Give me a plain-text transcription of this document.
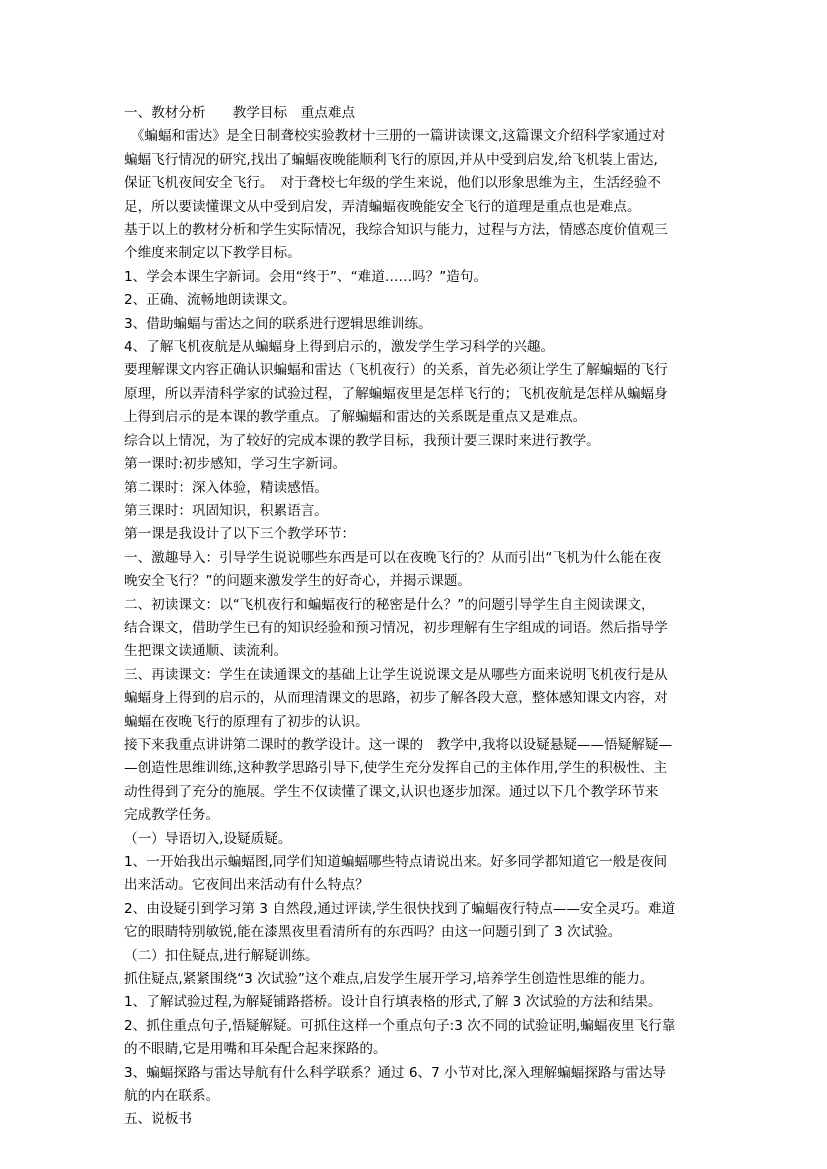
一、教材分析　　教学目标　重点难点
　《蝙蝠和雷达》是全日制聋校实验教材十三册的一篇讲读课文,这篇课文介绍科学家通过对
蝙蝠飞行情况的研究,找出了蝙蝠夜晚能顺利飞行的原因,并从中受到启发,给飞机装上雷达,
保证飞机夜间安全飞行。　对于聋校七年级的学生来说，他们以形象思维为主，生活经验不
足，所以要读懂课文从中受到启发，弄清蝙蝠夜晚能安全飞行的道理是重点也是难点。
基于以上的教材分析和学生实际情况，我综合知识与能力，过程与方法，情感态度价值观三
个维度来制定以下教学目标。
1、学会本课生字新词。会用“终于”、“难道……吗？”造句。
2、正确、流畅地朗读课文。
3、借助蝙蝠与雷达之间的联系进行逻辑思维训练。
4、了解飞机夜航是从蝙蝠身上得到启示的，激发学生学习科学的兴趣。
要理解课文内容正确认识蝙蝠和雷达（飞机夜行）的关系，首先必须让学生了解蝙蝠的飞行
原理，所以弄清科学家的试验过程，了解蝙蝠夜里是怎样飞行的；飞机夜航是怎样从蝙蝠身
上得到启示的是本课的教学重点。了解蝙蝠和雷达的关系既是重点又是难点。
综合以上情况，为了较好的完成本课的教学目标，我预计要三课时来进行教学。
第一课时:初步感知，学习生字新词。
第二课时：深入体验，精读感悟。
第三课时：巩固知识，积累语言。
第一课是我设计了以下三个教学环节：
一、激趣导入：引导学生说说哪些东西是可以在夜晚飞行的？从而引出“飞机为什么能在夜
晚安全飞行？”的问题来激发学生的好奇心，并揭示课题。
二、初读课文：以“飞机夜行和蝙蝠夜行的秘密是什么？”的问题引导学生自主阅读课文，
结合课文，借助学生已有的知识经验和预习情况，初步理解有生字组成的词语。然后指导学
生把课文读通顺、读流利。
三、再读课文：学生在读通课文的基础上让学生说说课文是从哪些方面来说明飞机夜行是从
蝙蝠身上得到的启示的，从而理清课文的思路，初步了解各段大意，整体感知课文内容，对
蝙蝠在夜晚飞行的原理有了初步的认识。
接下来我重点讲讲第二课时的教学设计。这一课的　教学中,我将以设疑悬疑——悟疑解疑—
—创造性思维训练,这种教学思路引导下,使学生充分发挥自己的主体作用,学生的积极性、主
动性得到了充分的施展。学生不仅读懂了课文,认识也逐步加深。通过以下几个教学环节来
完成教学任务。
（一）导语切入,设疑质疑。
1、一开始我出示蝙蝠图,同学们知道蝙蝠哪些特点请说出来。好多同学都知道它一般是夜间
出来活动。它夜间出来活动有什么特点？
2、由设疑引到学习第 3 自然段,通过评读,学生很快找到了蝙蝠夜行特点——安全灵巧。难道
它的眼睛特别敏锐,能在漆黑夜里看清所有的东西吗？由这一问题引到了 3 次试验。
（二）扣住疑点,进行解疑训练。
抓住疑点,紧紧围绕“3 次试验”这个难点,启发学生展开学习,培养学生创造性思维的能力。
1、了解试验过程,为解疑铺路搭桥。设计自行填表格的形式,了解 3 次试验的方法和结果。
2、抓住重点句子,悟疑解疑。可抓住这样一个重点句子:3 次不同的试验证明,蝙蝠夜里飞行靠
的不眼睛,它是用嘴和耳朵配合起来探路的。
3、蝙蝠探路与雷达导航有什么科学联系？通过 6、7 小节对比,深入理解蝙蝠探路与雷达导
航的内在联系。
五、说板书
